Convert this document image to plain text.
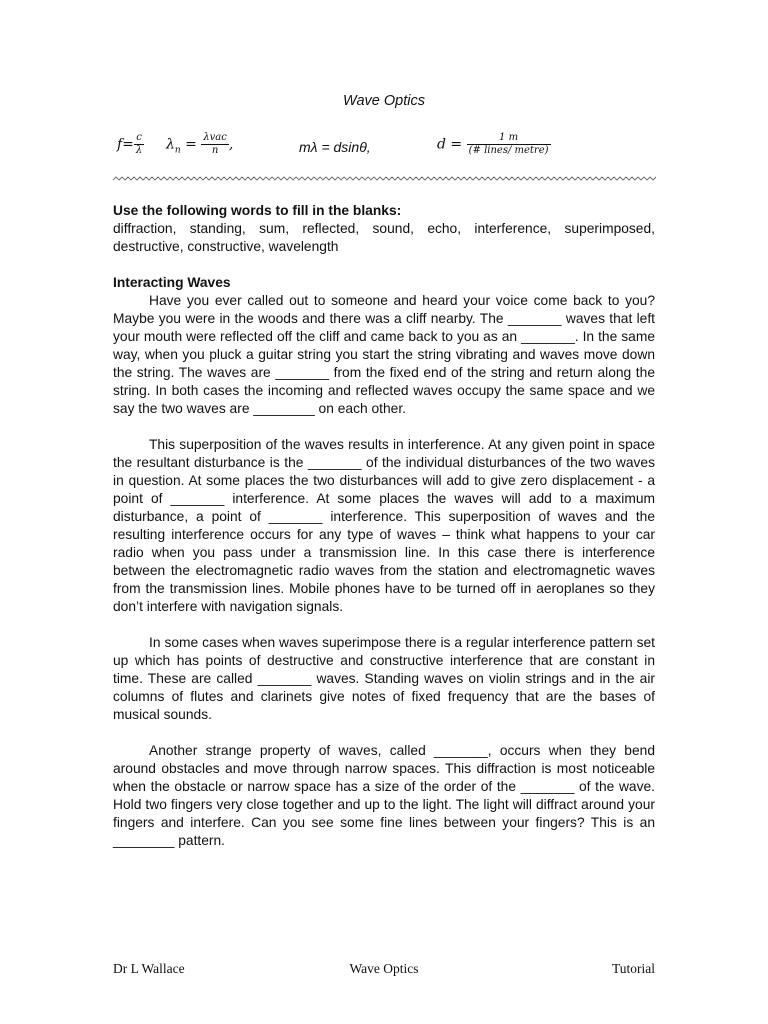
Wave Optics
$f= \frac{c}{\lambda} \lambda_n = \frac{\text{λvac}}{n}$ ,	mλ = dsinθ,	$d = \frac{1 m}{\text{(\# lines/ metre)}}$

Use the following words to fill in the blanks:

diffraction, standing, sum, reflected, sound, echo, interference, superimposed, destructive, constructive, wavelength

Interacting Waves

Have you ever called out to someone and heard your voice come back to you? Maybe you were in the woods and there was a cliff nearby. The _______ waves that left your mouth were reflected off the cliff and came back to you as an _______. In the same way, when you pluck a guitar string you start the string vibrating and waves move down the string. The waves are _______ from the fixed end of the string and return along the string. In both cases the incoming and reflected waves occupy the same space and we say the two waves are ________ on each other.

This superposition of the waves results in interference. At any given point in space the resultant disturbance is the _______ of the individual disturbances of the two waves in question. At some places the two disturbances will add to give zero displacement - a point of _______ interference. At some places the waves will add to a maximum disturbance, a point of _______ interference. This superposition of waves and the resulting interference occurs for any type of waves – think what happens to your car radio when you pass under a transmission line. In this case there is interference between the electromagnetic radio waves from the station and electromagnetic waves from the transmission lines. Mobile phones have to be turned off in aeroplanes so they don’t interfere with navigation signals.

In some cases when waves superimpose there is a regular interference pattern set up which has points of destructive and constructive interference that are constant in time. These are called _______ waves. Standing waves on violin strings and in the air columns of flutes and clarinets give notes of fixed frequency that are the bases of musical sounds.

Another strange property of waves, called _______, occurs when they bend around obstacles and move through narrow spaces. This diffraction is most noticeable when the obstacle or narrow space has a size of the order of the _______ of the wave. Hold two fingers very close together and up to the light. The light will diffract around your fingers and interfere. Can you see some fine lines between your fingers? This is an ________ pattern.

Dr L Wallace	Wave Optics	Tutorial
